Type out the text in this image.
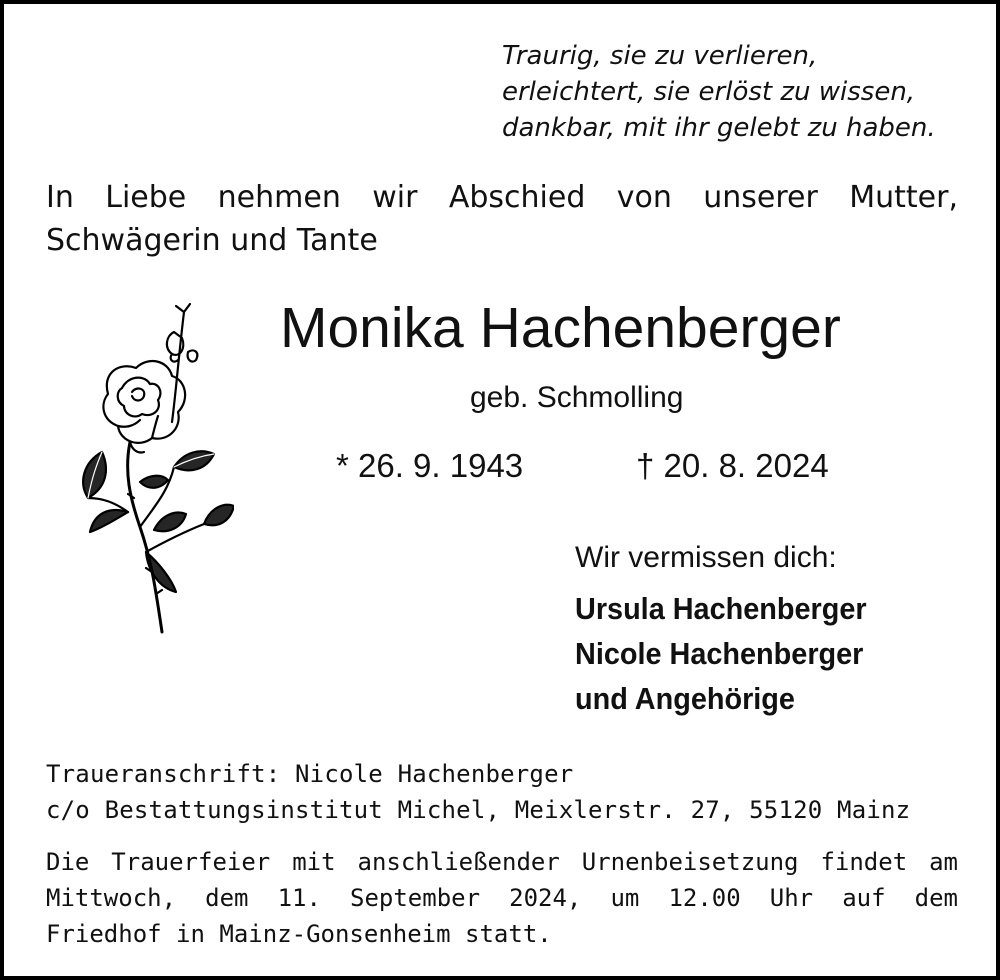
Traurig, sie zu verlieren,
erleichtert, sie erlöst zu wissen,
dankbar, mit ihr gelebt zu haben.
In Liebe nehmen wir Abschied von unserer Mutter,
Schwägerin und Tante
Monika Hachenberger
geb. Schmolling
* 26. 9. 1943	† 20. 8. 2024
Wir vermissen dich:
Ursula Hachenberger
Nicole Hachenberger
und Angehörige
Traueranschrift: Nicole Hachenberger
c/o Bestattungsinstitut Michel, Meixlerstr. 27, 55120 Mainz
Die Trauerfeier mit anschließender Urnenbeisetzung findet am
Mittwoch, dem 11. September 2024, um 12.00 Uhr auf dem
Friedhof in Mainz-Gonsenheim statt.
